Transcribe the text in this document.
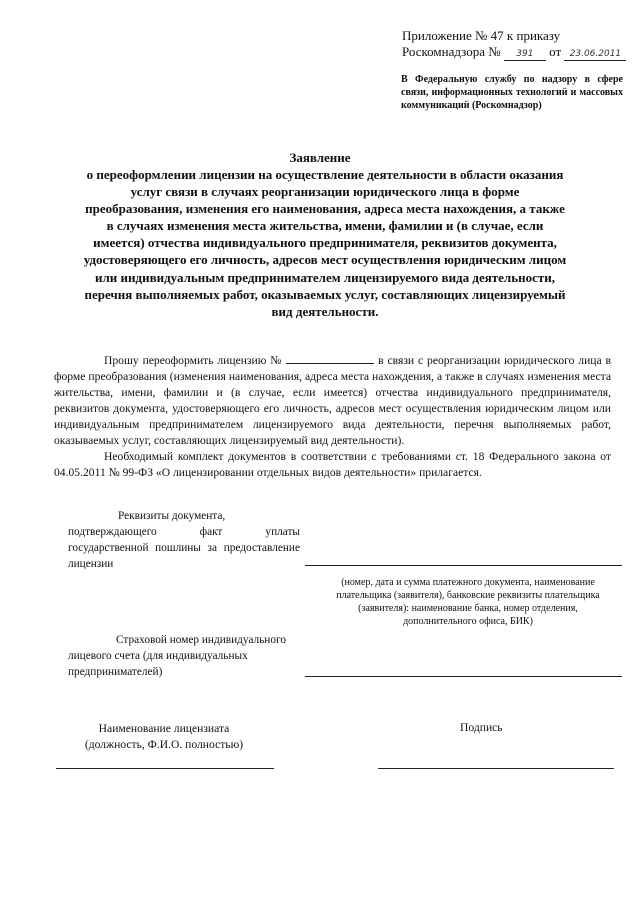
Приложение № 47 к приказу
Роскомнадзора № 391 от 23.06.2011
В Федеральную службу по надзору в сфере связи, информационных технологий и массовых коммуникаций (Роскомнадзор)
Заявление
о переоформлении лицензии на осуществление деятельности в области оказания услуг связи в случаях реорганизации юридического лица в форме преобразования, изменения его наименования, адреса места нахождения, а также в случаях изменения места жительства, имени, фамилии и (в случае, если имеется) отчества индивидуального предпринимателя, реквизитов документа, удостоверяющего его личность, адресов мест осуществления юридическим лицом или индивидуальным предпринимателем лицензируемого вида деятельности, перечня выполняемых работ, оказываемых услуг, составляющих лицензируемый вид деятельности.

Прошу переоформить лицензию №	в связи с реорганизации юридического лица в форме преобразования (изменения наименования, адреса места нахождения, а также в случаях изменения места жительства, имени, фамилии и (в случае, если имеется) отчества индивидуального предпринимателя, реквизитов документа, удостоверяющего его личность, адресов мест осуществления юридическим лицом или индивидуальным предпринимателем лицензируемого вида деятельности, перечня выполняемых работ, оказываемых услуг, составляющих лицензируемый вид деятельности).

Необходимый комплект документов в соответствии с требованиями ст. 18 Федерального закона от 04.05.2011 № 99-ФЗ «О лицензировании отдельных видов деятельности» прилагается.

Реквизиты документа,
подтверждающего факт уплаты государственной пошлины за предоставление лицензии
(номер, дата и сумма платежного документа, наименование плательщика (заявителя), банковские реквизиты плательщика (заявителя): наименование банка, номер отделения, дополнительного офиса, БИК)
Страховой номер индивидуального
лицевого счета (для индивидуальных предпринимателей)
Наименование лицензиата
(должность, Ф.И.О. полностью)
Подпись
